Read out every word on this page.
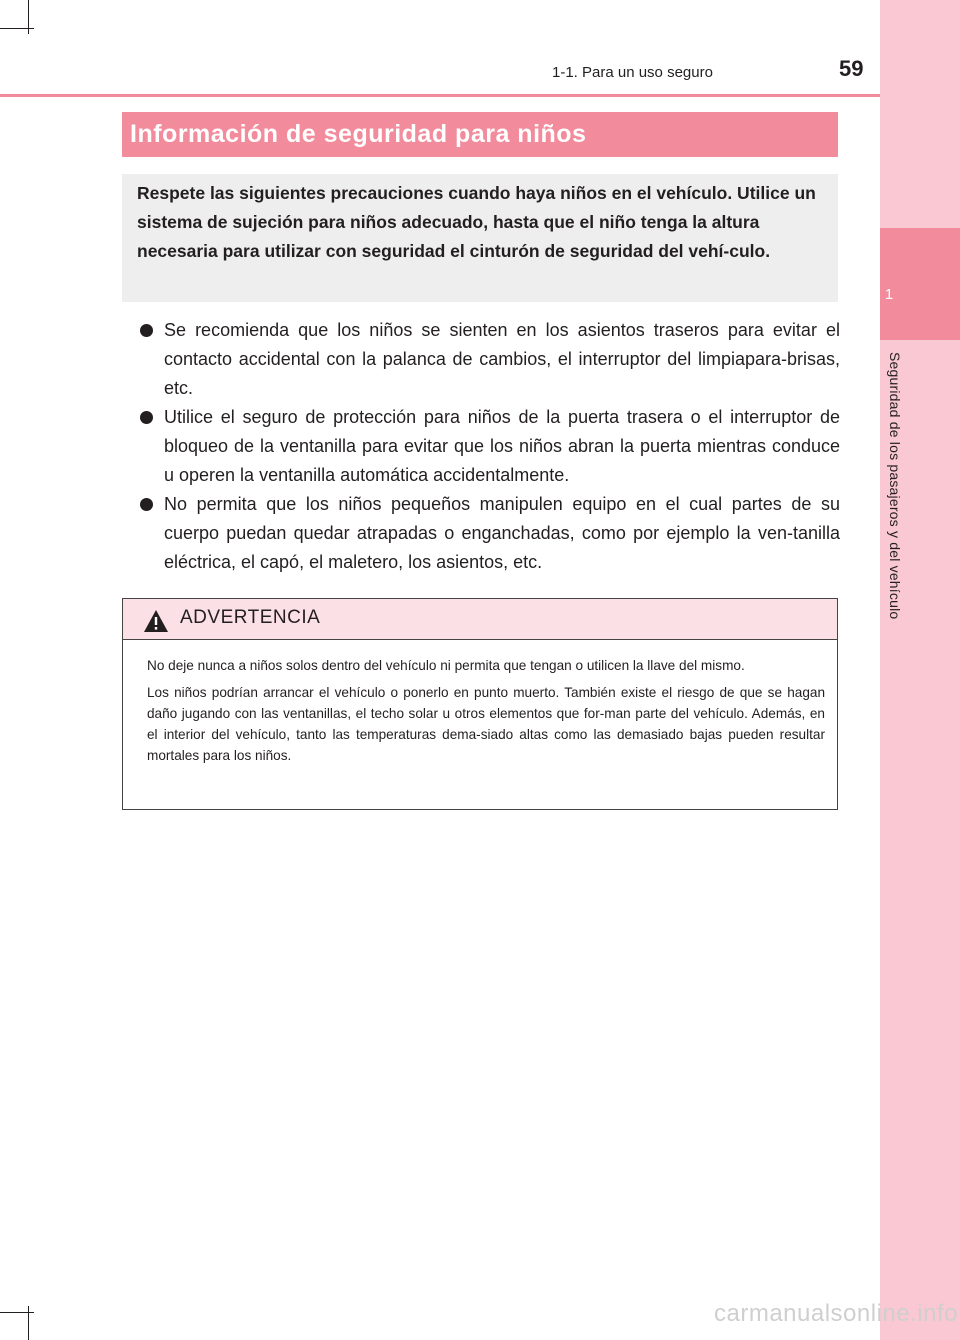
1
Seguridad de los pasajeros y del vehículo
1-1. Para un uso seguro	59
Información de seguridad para niños

Respete las siguientes precauciones cuando haya niños en el vehículo. Utilice un sistema de sujeción para niños adecuado, hasta que el niño tenga la altura necesaria para utilizar con seguridad el cinturón de seguridad del vehí-culo.

Se recomienda que los niños se sienten en los asientos traseros para evitar el contacto accidental con la palanca de cambios, el interruptor del limpiapara-brisas, etc.
Utilice el seguro de protección para niños de la puerta trasera o el interruptor de bloqueo de la ventanilla para evitar que los niños abran la puerta mientras conduce u operen la ventanilla automática accidentalmente.
No permita que los niños pequeños manipulen equipo en el cual partes de su cuerpo puedan quedar atrapadas o enganchadas, como por ejemplo la ven-tanilla eléctrica, el capó, el maletero, los asientos, etc.
ADVERTENCIA

No deje nunca a niños solos dentro del vehículo ni permita que tengan o utilicen la llave del mismo.

Los niños podrían arrancar el vehículo o ponerlo en punto muerto. También existe el riesgo de que se hagan daño jugando con las ventanillas, el techo solar u otros elementos que for-man parte del vehículo. Además, en el interior del vehículo, tanto las temperaturas dema-siado altas como las demasiado bajas pueden resultar mortales para los niños.

carmanualsonline.info
